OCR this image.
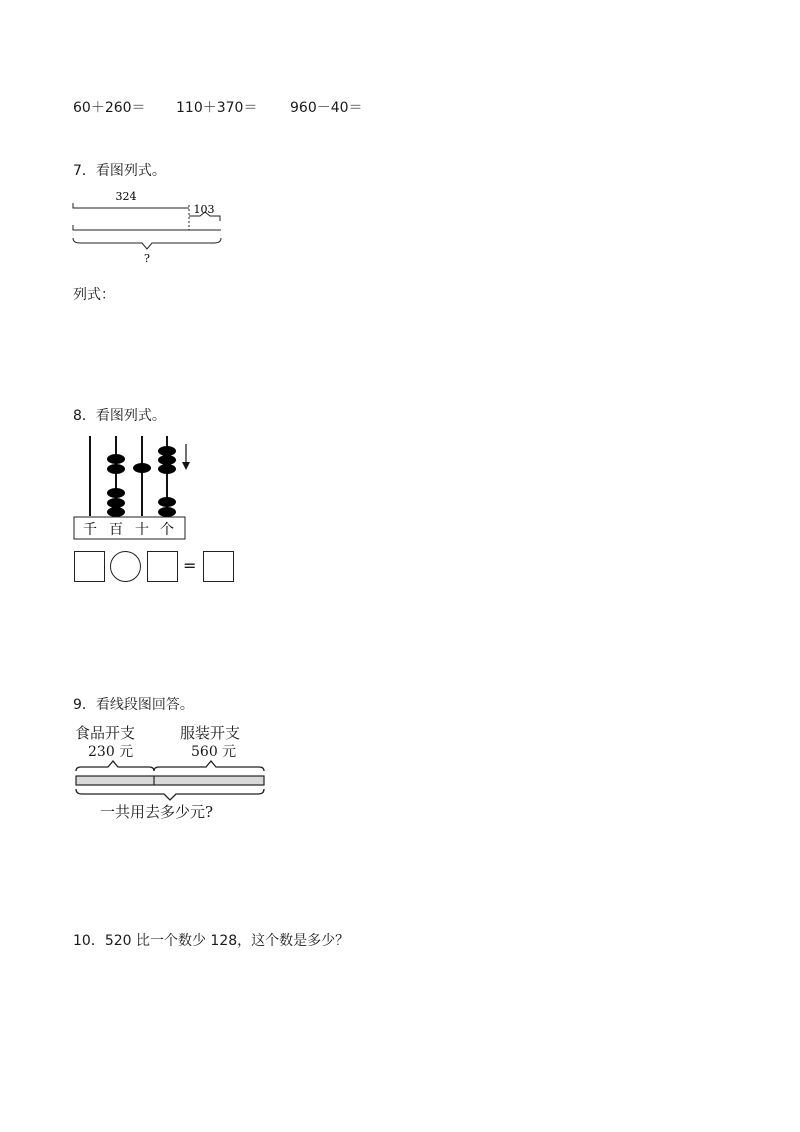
60＋260＝ 110＋370＝ 960－40＝
7．看图列式。
324
103
?
列式：
8．看图列式。
千 百 十 个
=
9．看线段图回答。
食品开支
230 元
服装开支
560 元
一共用去多少元?
10．520 比一个数少 128，这个数是多少？
